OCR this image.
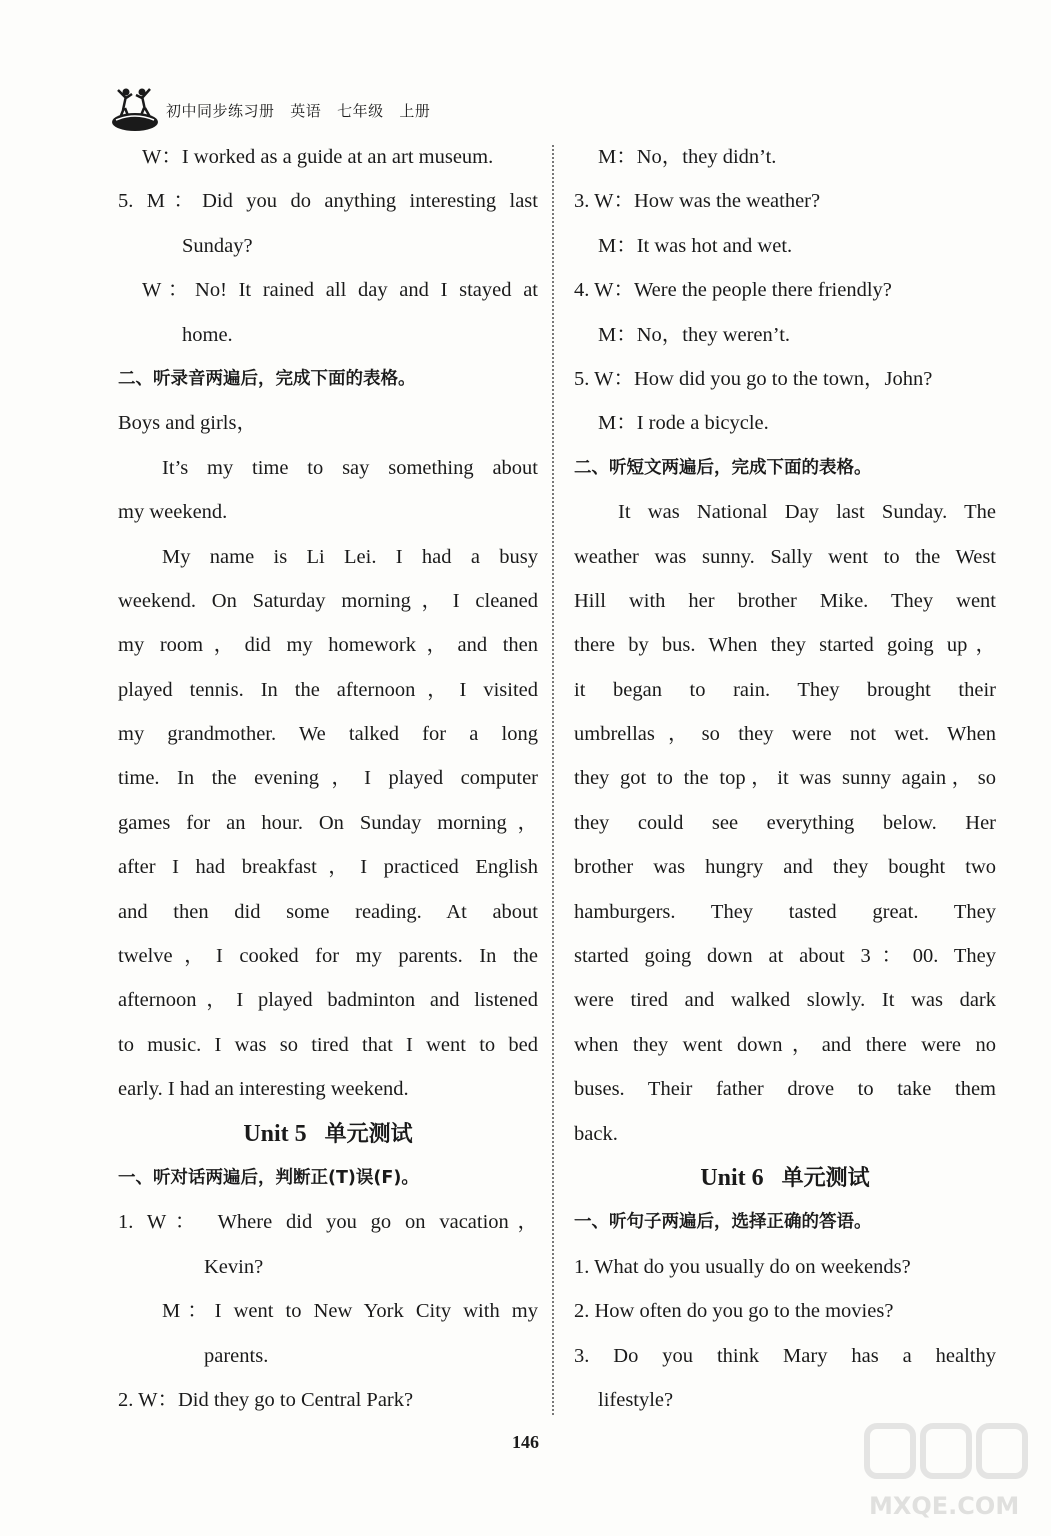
初中同步练习册   英语   七年级   上册
W：I worked as a guide at an art museum.
5. M：Did you do anything interesting last
Sunday?
W：No! It rained all day and I stayed at
home.
二、听录音两遍后，完成下面的表格。
Boys and girls，
It’s my time to say something about
my weekend.
My name is Li Lei. I had a busy
weekend. On Saturday morning，I cleaned
my room，did my homework，and then
played tennis. In the afternoon，I visited
my grandmother. We talked for a long
time. In the evening，I played computer
games for an hour. On Sunday morning，
after I had breakfast，I practiced English
and then did some reading. At about
twelve，I cooked for my parents. In the
afternoon，I played badminton and listened
to music. I was so tired that I went to bed
early. I had an interesting weekend.
Unit 5 单元测试
一、听对话两遍后，判断正(T)误(F)。
1. W： Where did you go on vacation，
Kevin?
M：I went to New York City with my
parents.
2. W：Did they go to Central Park?
M：No，they didn’t.
3. W：How was the weather?
M：It was hot and wet.
4. W：Were the people there friendly?
M：No，they weren’t.
5. W：How did you go to the town，John?
M：I rode a bicycle.
二、听短文两遍后，完成下面的表格。
It was National Day last Sunday. The
weather was sunny. Sally went to the West
Hill with her brother Mike. They went
there by bus. When they started going up，
it began to rain. They brought their
umbrellas，so they were not wet. When
they got to the top，it was sunny again，so
they could see everything below. Her
brother was hungry and they bought two
hamburgers. They tasted great. They
started going down at about 3：00. They
were tired and walked slowly. It was dark
when they went down，and there were no
buses. Their father drove to take them
back.
Unit 6 单元测试
一、听句子两遍后，选择正确的答语。
1. What do you usually do on weekends?
2. How often do you go to the movies?
3. Do you think Mary has a healthy
lifestyle?
146
MXQE.COM
